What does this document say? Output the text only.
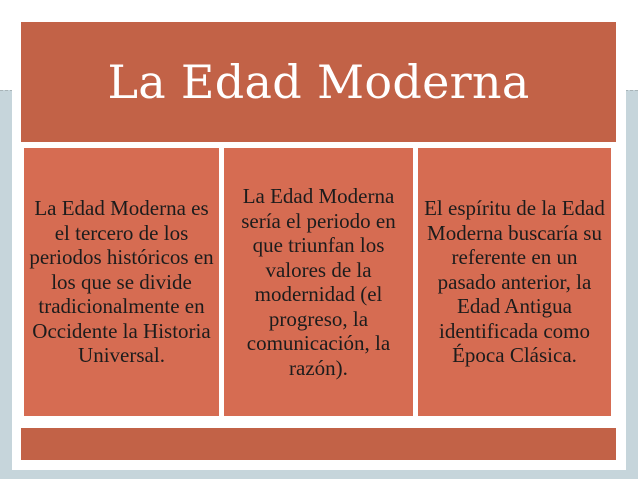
La Edad Moderna
La Edad Moderna es el tercero de los periodos históricos en los que se divide tradicionalmente en Occidente la Historia Universal.
La Edad Moderna sería el periodo en que triunfan los valores de la modernidad (el progreso, la comunicación, la razón).
El espíritu de la Edad Moderna buscaría su referente en un pasado anterior, la Edad Antigua identificada como Época Clásica.
